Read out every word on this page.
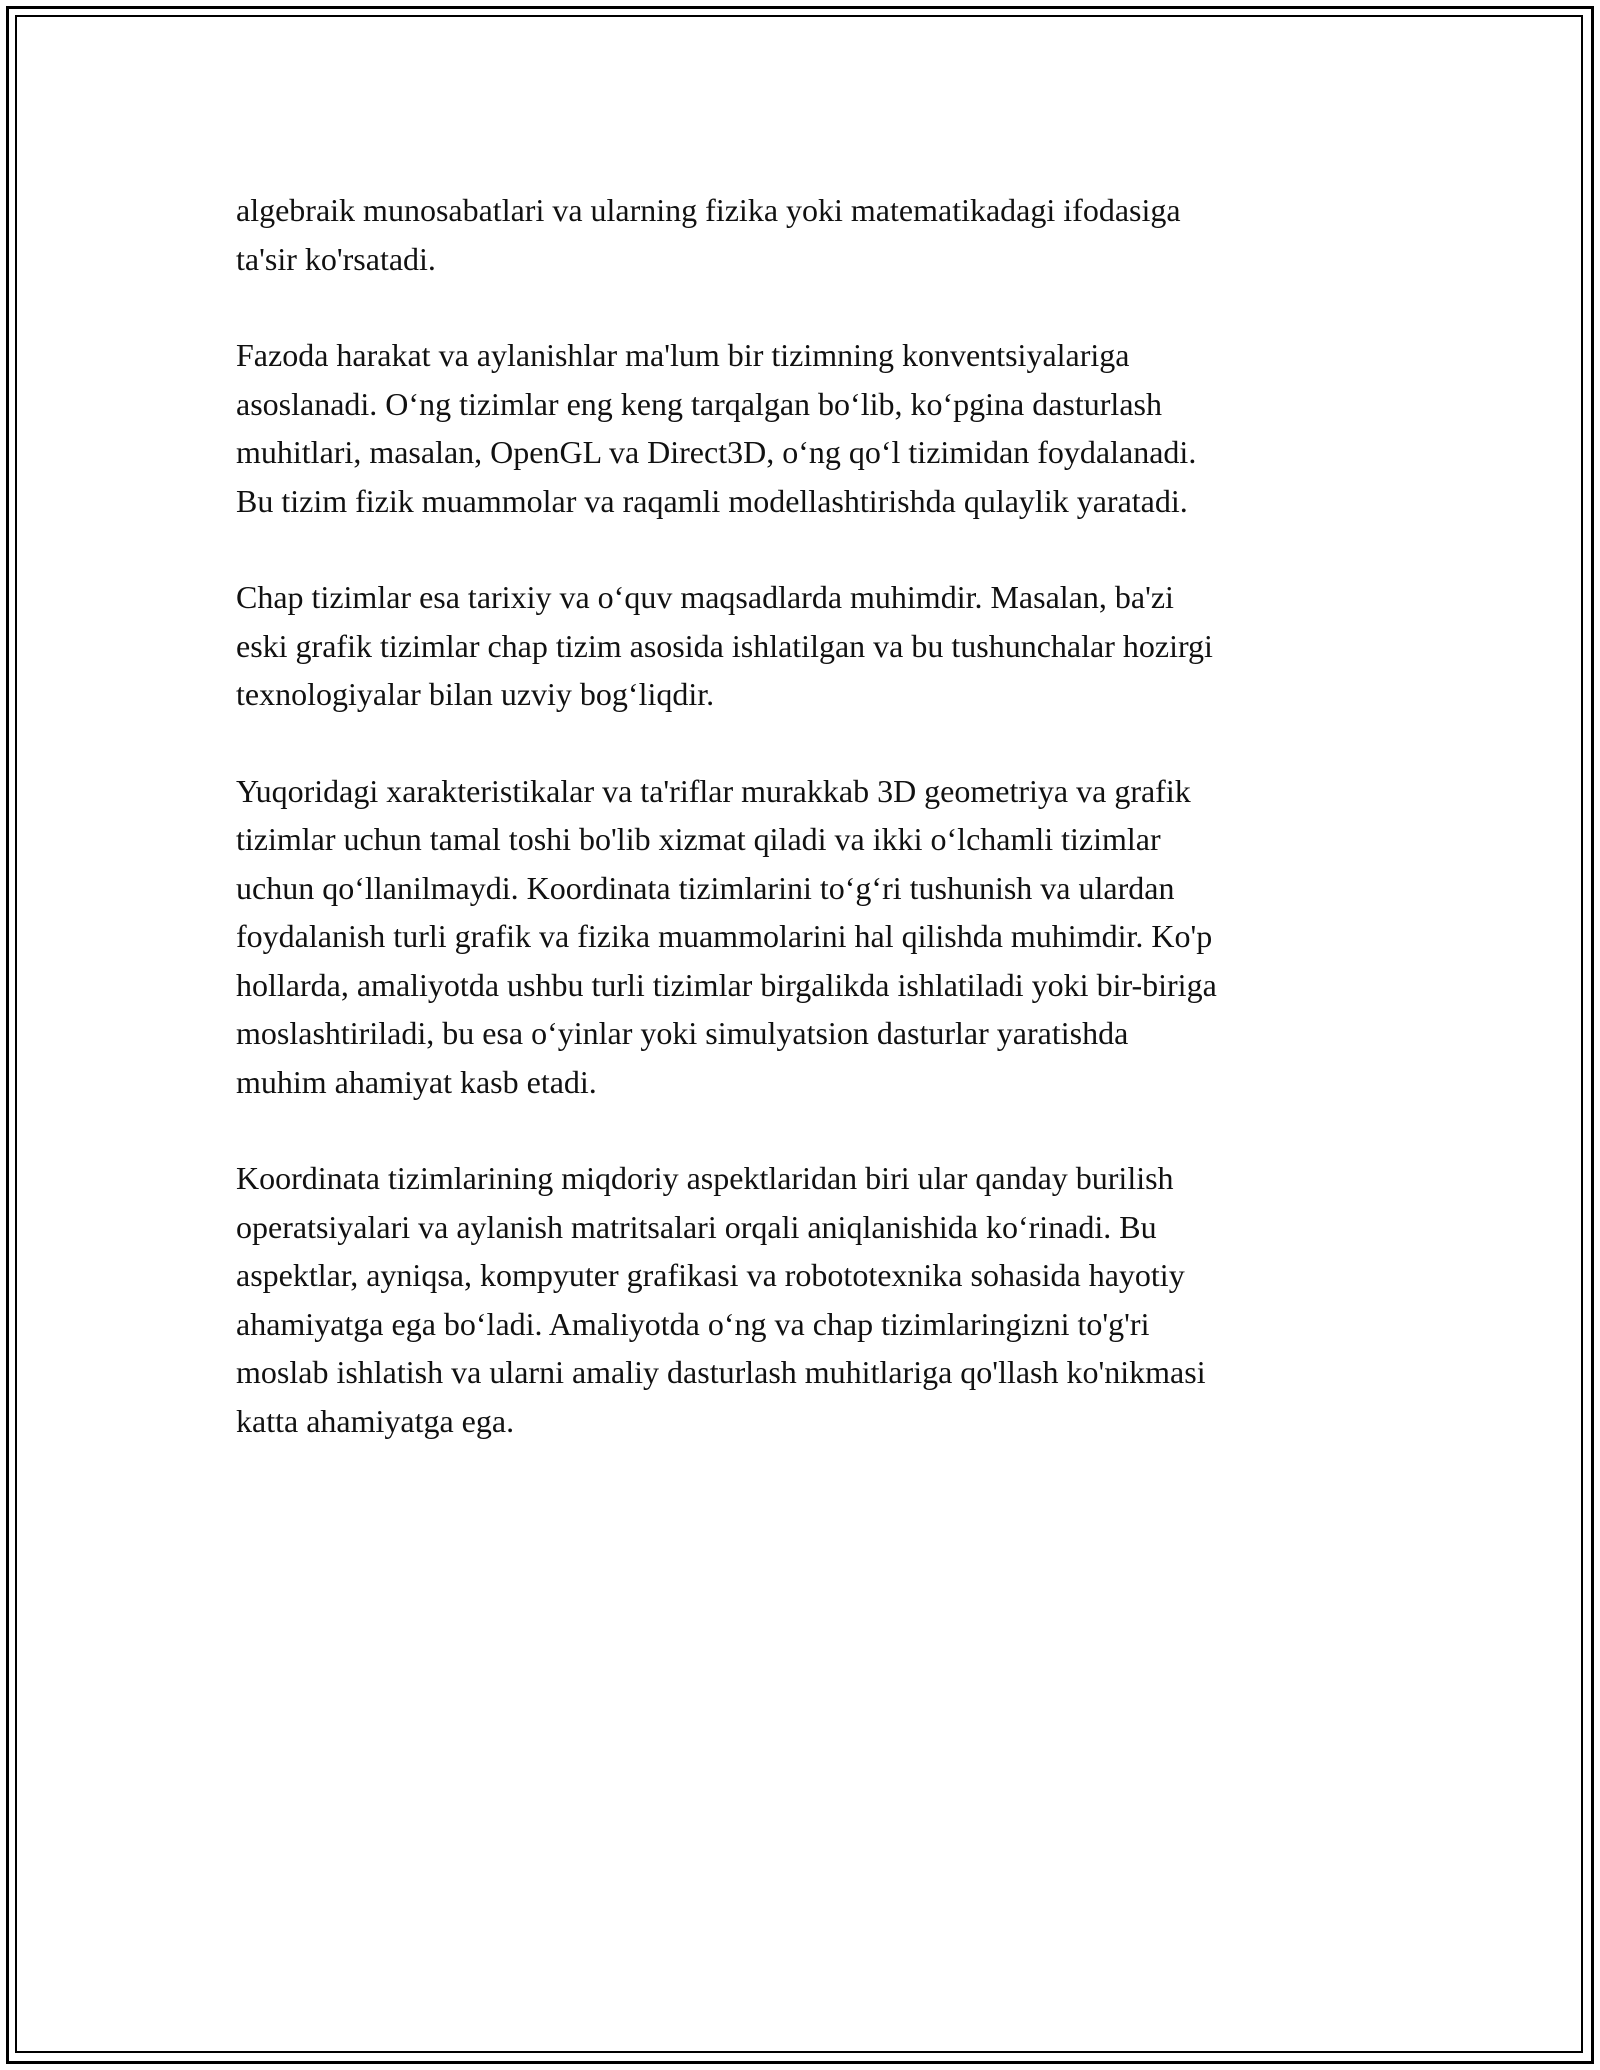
algebraik munosabatlari va ularning fizika yoki matematikadagi ifodasiga
ta'sir ko'rsatadi.

Fazoda harakat va aylanishlar ma'lum bir tizimning konventsiyalariga
asoslanadi. O‘ng tizimlar eng keng tarqalgan bo‘lib, ko‘pgina dasturlash
muhitlari, masalan, OpenGL va Direct3D, o‘ng qo‘l tizimidan foydalanadi.
Bu tizim fizik muammolar va raqamli modellashtirishda qulaylik yaratadi.

Chap tizimlar esa tarixiy va o‘quv maqsadlarda muhimdir. Masalan, ba'zi
eski grafik tizimlar chap tizim asosida ishlatilgan va bu tushunchalar hozirgi
texnologiyalar bilan uzviy bog‘liqdir.

Yuqoridagi xarakteristikalar va ta'riflar murakkab 3D geometriya va grafik
tizimlar uchun tamal toshi bo'lib xizmat qiladi va ikki o‘lchamli tizimlar
uchun qo‘llanilmaydi. Koordinata tizimlarini to‘g‘ri tushunish va ulardan
foydalanish turli grafik va fizika muammolarini hal qilishda muhimdir. Ko'p
hollarda, amaliyotda ushbu turli tizimlar birgalikda ishlatiladi yoki bir-biriga
moslashtiriladi, bu esa o‘yinlar yoki simulyatsion dasturlar yaratishda
muhim ahamiyat kasb etadi.

Koordinata tizimlarining miqdoriy aspektlaridan biri ular qanday burilish
operatsiyalari va aylanish matritsalari orqali aniqlanishida ko‘rinadi. Bu
aspektlar, ayniqsa, kompyuter grafikasi va robototexnika sohasida hayotiy
ahamiyatga ega bo‘ladi. Amaliyotda o‘ng va chap tizimlaringizni to'g'ri
moslab ishlatish va ularni amaliy dasturlash muhitlariga qo'llash ko'nikmasi
katta ahamiyatga ega.
